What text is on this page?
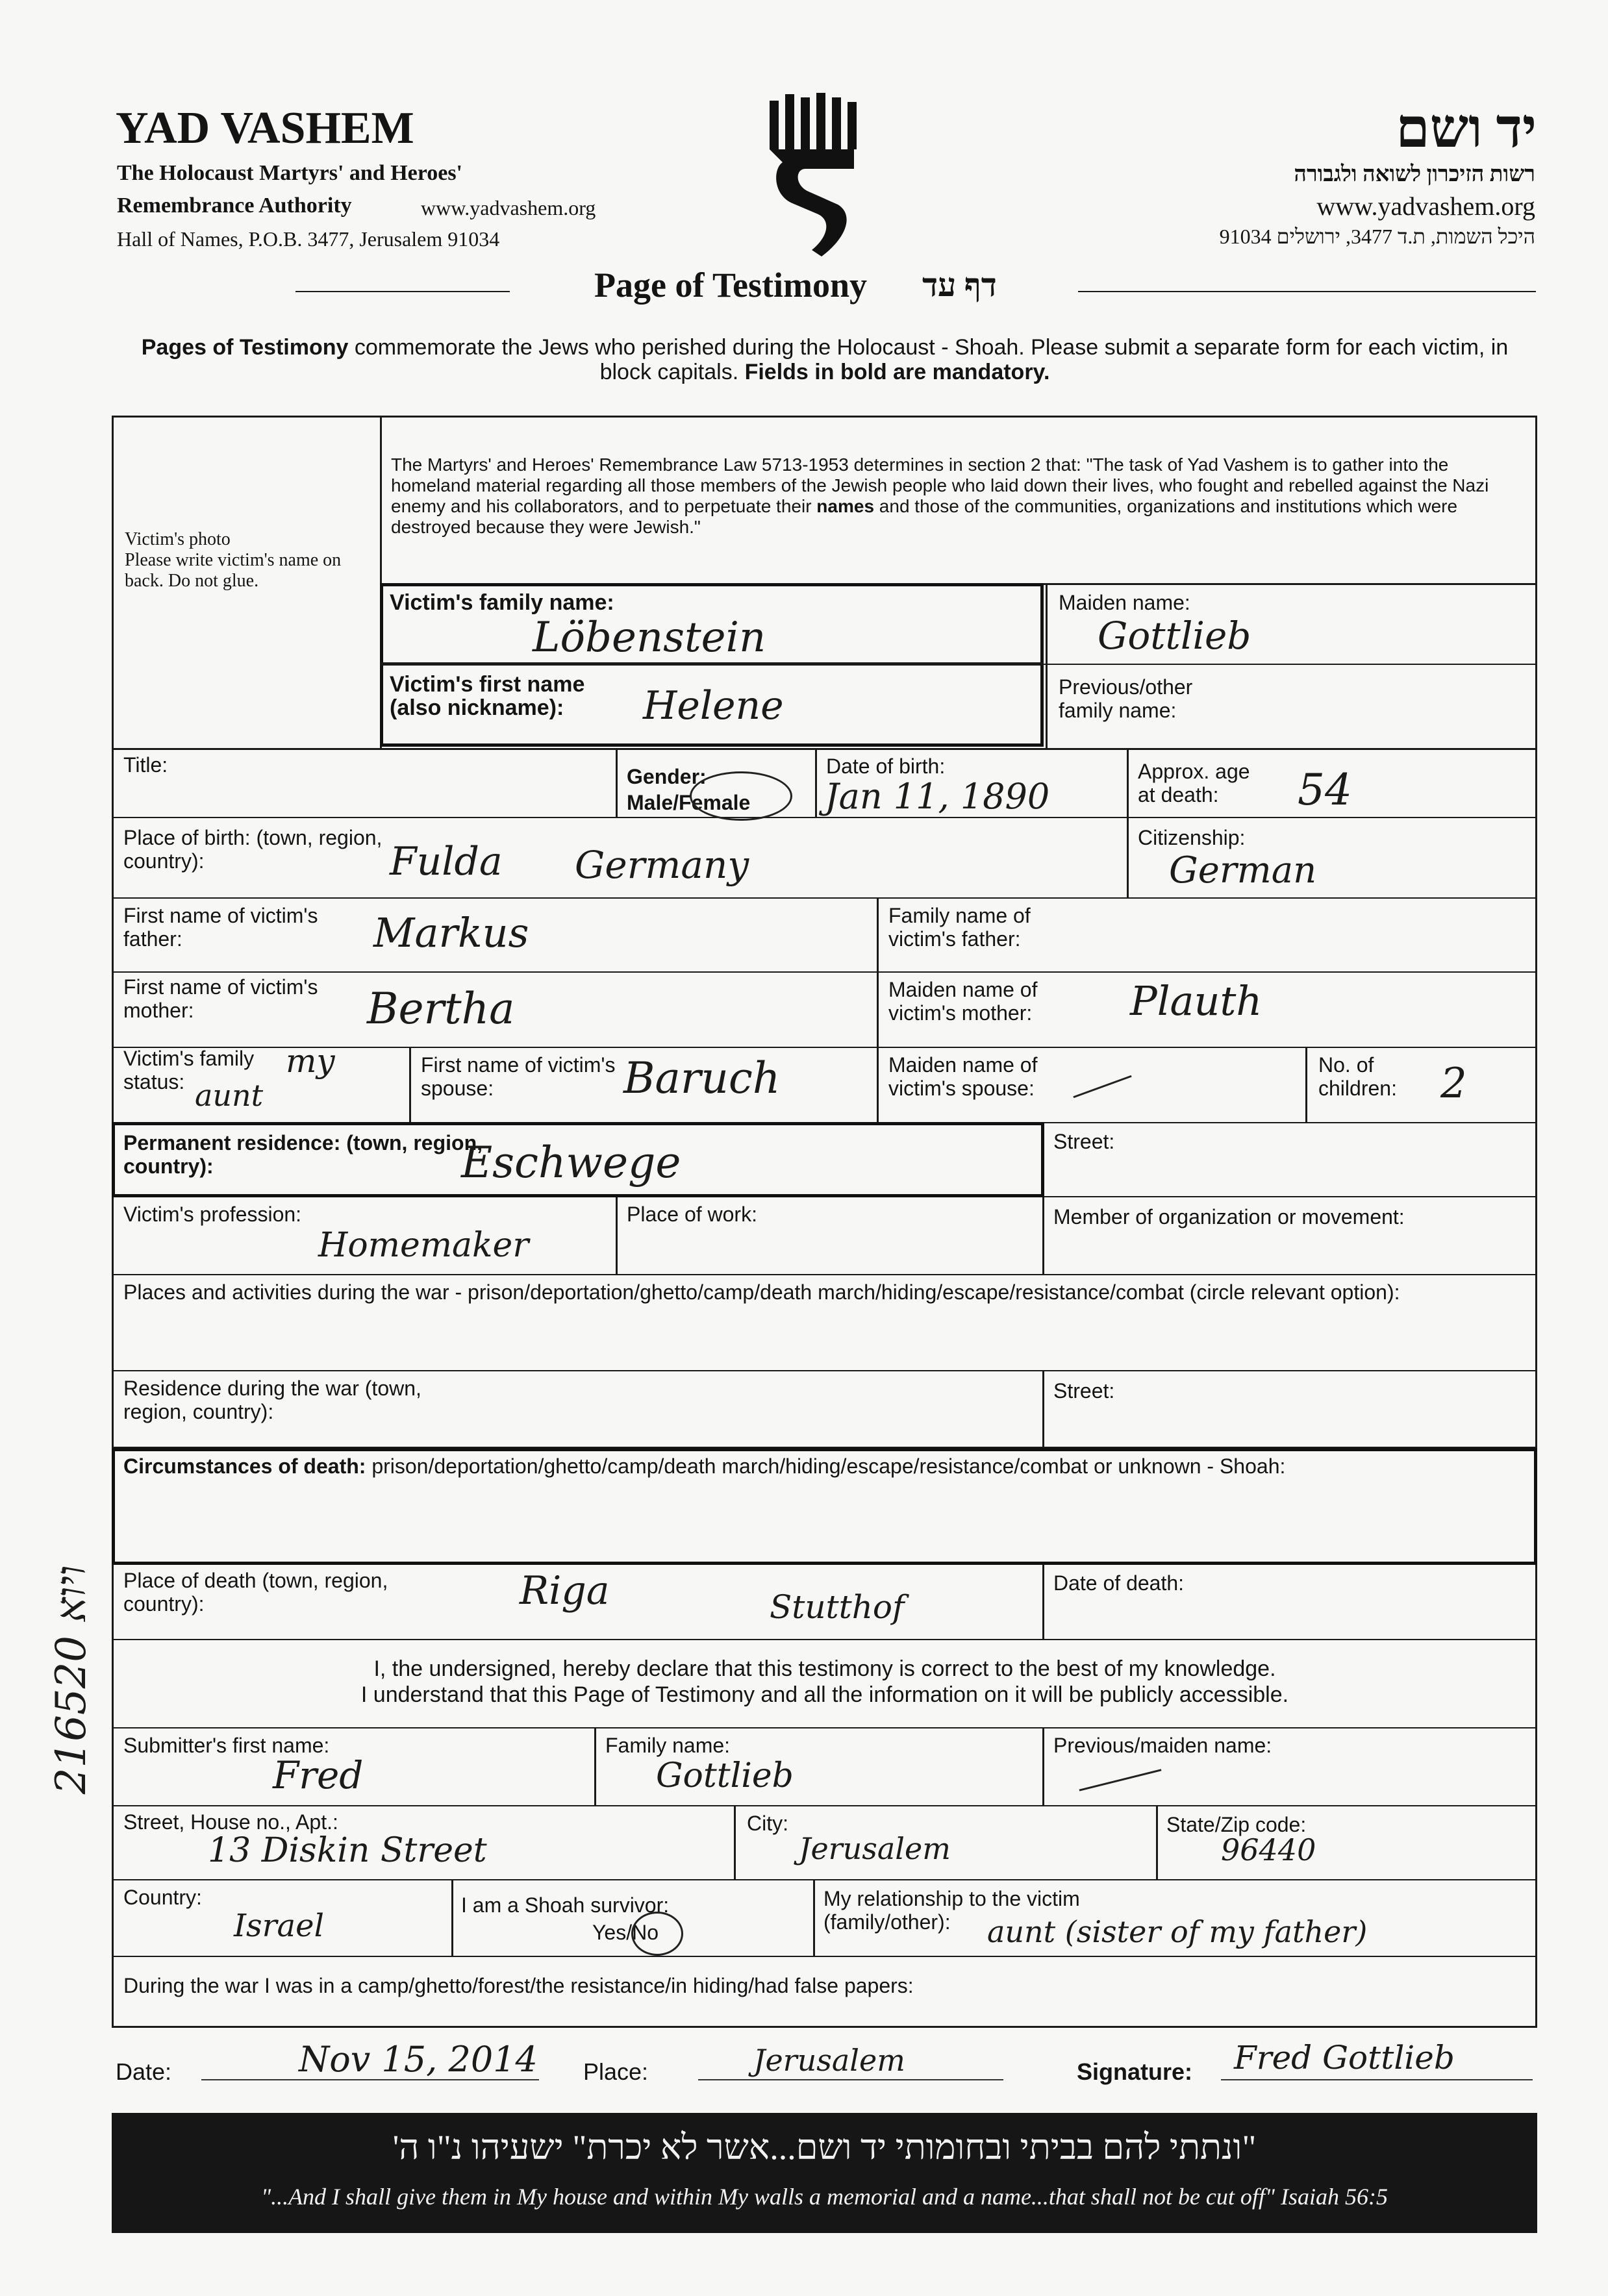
YAD VASHEM
The Holocaust Martyrs' and Heroes'
Remembrance Authority	www.yadvashem.org
Hall of Names, P.O.B. 3477, Jerusalem 91034
יד ושם
רשות הזיכרון לשואה ולגבורה
www.yadvashem.org
היכל השמות, ת.ד 3477, ירושלים 91034
Page of Testimony דף עד
Pages of Testimony commemorate the Jews who perished during the Holocaust - Shoah. Please submit a separate form for each victim, in block capitals. Fields in bold are mandatory.
Victim's photo
Please write victim's name on back. Do not glue.
The Martyrs' and Heroes' Remembrance Law 5713-1953 determines in section 2 that: "The task of Yad Vashem is to gather into the homeland material regarding all those members of the Jewish people who laid down their lives, who fought and rebelled against the Nazi enemy and his collaborators, and to perpetuate their names and those of the communities, organizations and institutions which were destroyed because they were Jewish."
Victim's family name:
Löbenstein
Maiden name:
Gottlieb
Victim's first name (also nickname):	Helene	Previous/other family name:
Title:	Gender:
Male/Female
Date of birth:
Jan 11, 1890
Approx. age at death:	54
Place of birth: (town, region, country):	Fulda Germany
Citizenship:
German
First name of victim's father:	Markus	Family name of victim's father:
First name of victim's mother:	Bertha	Maiden name of victim's mother:	Plauth
Victim's family status:
my
aunt
First name of victim's spouse:	Baruch	Maiden name of victim's spouse:
No. of children:	2
Permanent residence: (town, region, country):	Eschwege	Street:
Victim's profession:
Homemaker
Place of work:	Member of organization or movement:
Places and activities during the war - prison/deportation/ghetto/camp/death march/hiding/escape/resistance/combat (circle relevant option):
Residence during the war (town, region, country):
Street:
Circumstances of death: prison/deportation/ghetto/camp/death march/hiding/escape/resistance/combat or unknown - Shoah:
Place of death (town, region, country):	Riga	Stutthof
Date of death:
I, the undersigned, hereby declare that this testimony is correct to the best of my knowledge.
I understand that this Page of Testimony and all the information on it will be publicly accessible.
Submitter's first name:
Fred
Family name:
Gottlieb
Previous/maiden name:
Street, House no., Apt.:
13 Diskin Street
City:
Jerusalem
State/Zip code:
96440
Country:
Israel
I am a Shoah survivor:
Yes/No
My relationship to the victim (family/other):	aunt (sister of my father)
During the war I was in a camp/ghetto/forest/the resistance/in hiding/had false papers:
Date:	Nov 15, 2014 Place:	Jerusalem	Signature: Fred Gottlieb
"ונתתי להם בביתי ובחומותי יד ושם...אשר לא יכרת" ישעיהו נ"ו ה'
"...And I shall give them in My house and within My walls a memorial and a name...that shall not be cut off" Isaiah 56:5
ויוא 216520
